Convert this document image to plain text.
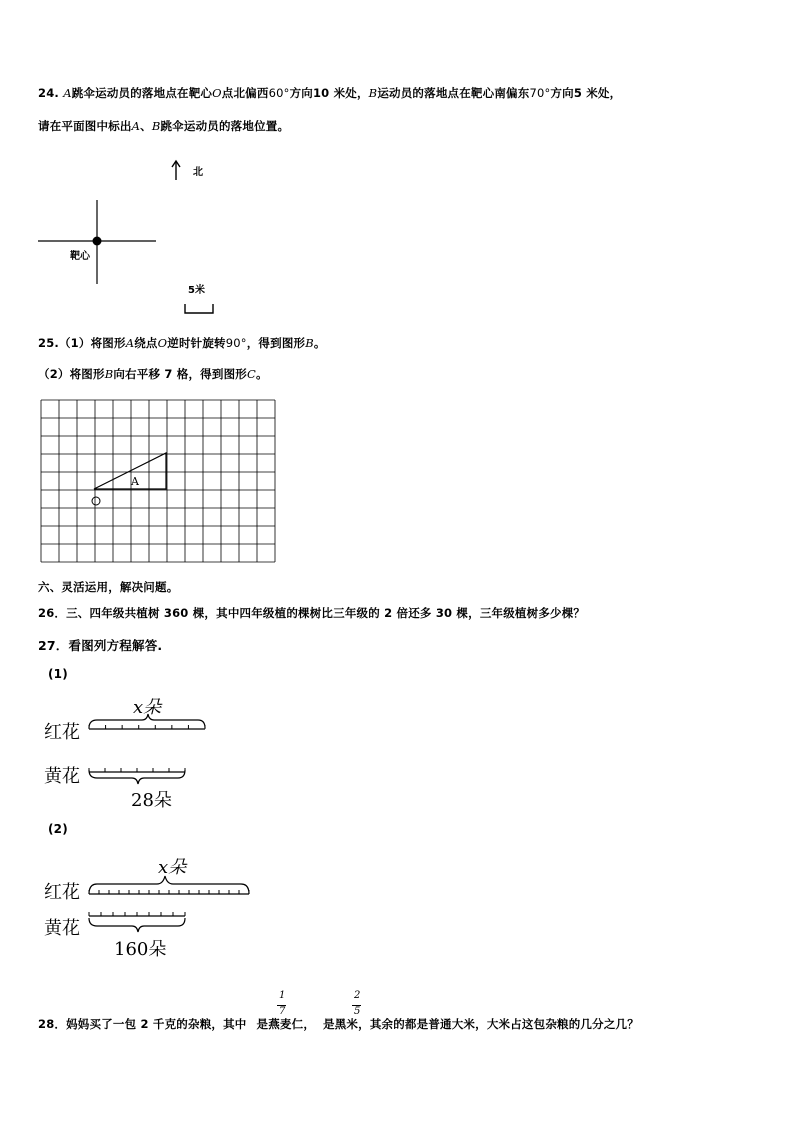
24. A跳伞运动员的落地点在靶心O点北偏西60°方向10 米处，B运动员的落地点在靶心南偏东70°方向5 米处，
请在平面图中标出A、B跳伞运动员的落地位置。
北
靶心
5米
25.（1）将图形A绕点O逆时针旋转90°，得到图形B。
（2）将图形B向右平移 7 格，得到图形C。
A
六、灵活运用，解决问题。
26．三、四年级共植树 360 棵，其中四年级植的棵树比三年级的 2 倍还多 30 棵，三年级植树多少棵？
27．看图列方程解答.
(1)
x朵
红花
黄花
28朵
(2)
x朵
红花
黄花
160朵
1
7
2
5
28．妈妈买了一包 2 千克的杂粮，其中 是燕麦仁， 是黑米，其余的都是普通大米，大米占这包杂粮的几分之几？
